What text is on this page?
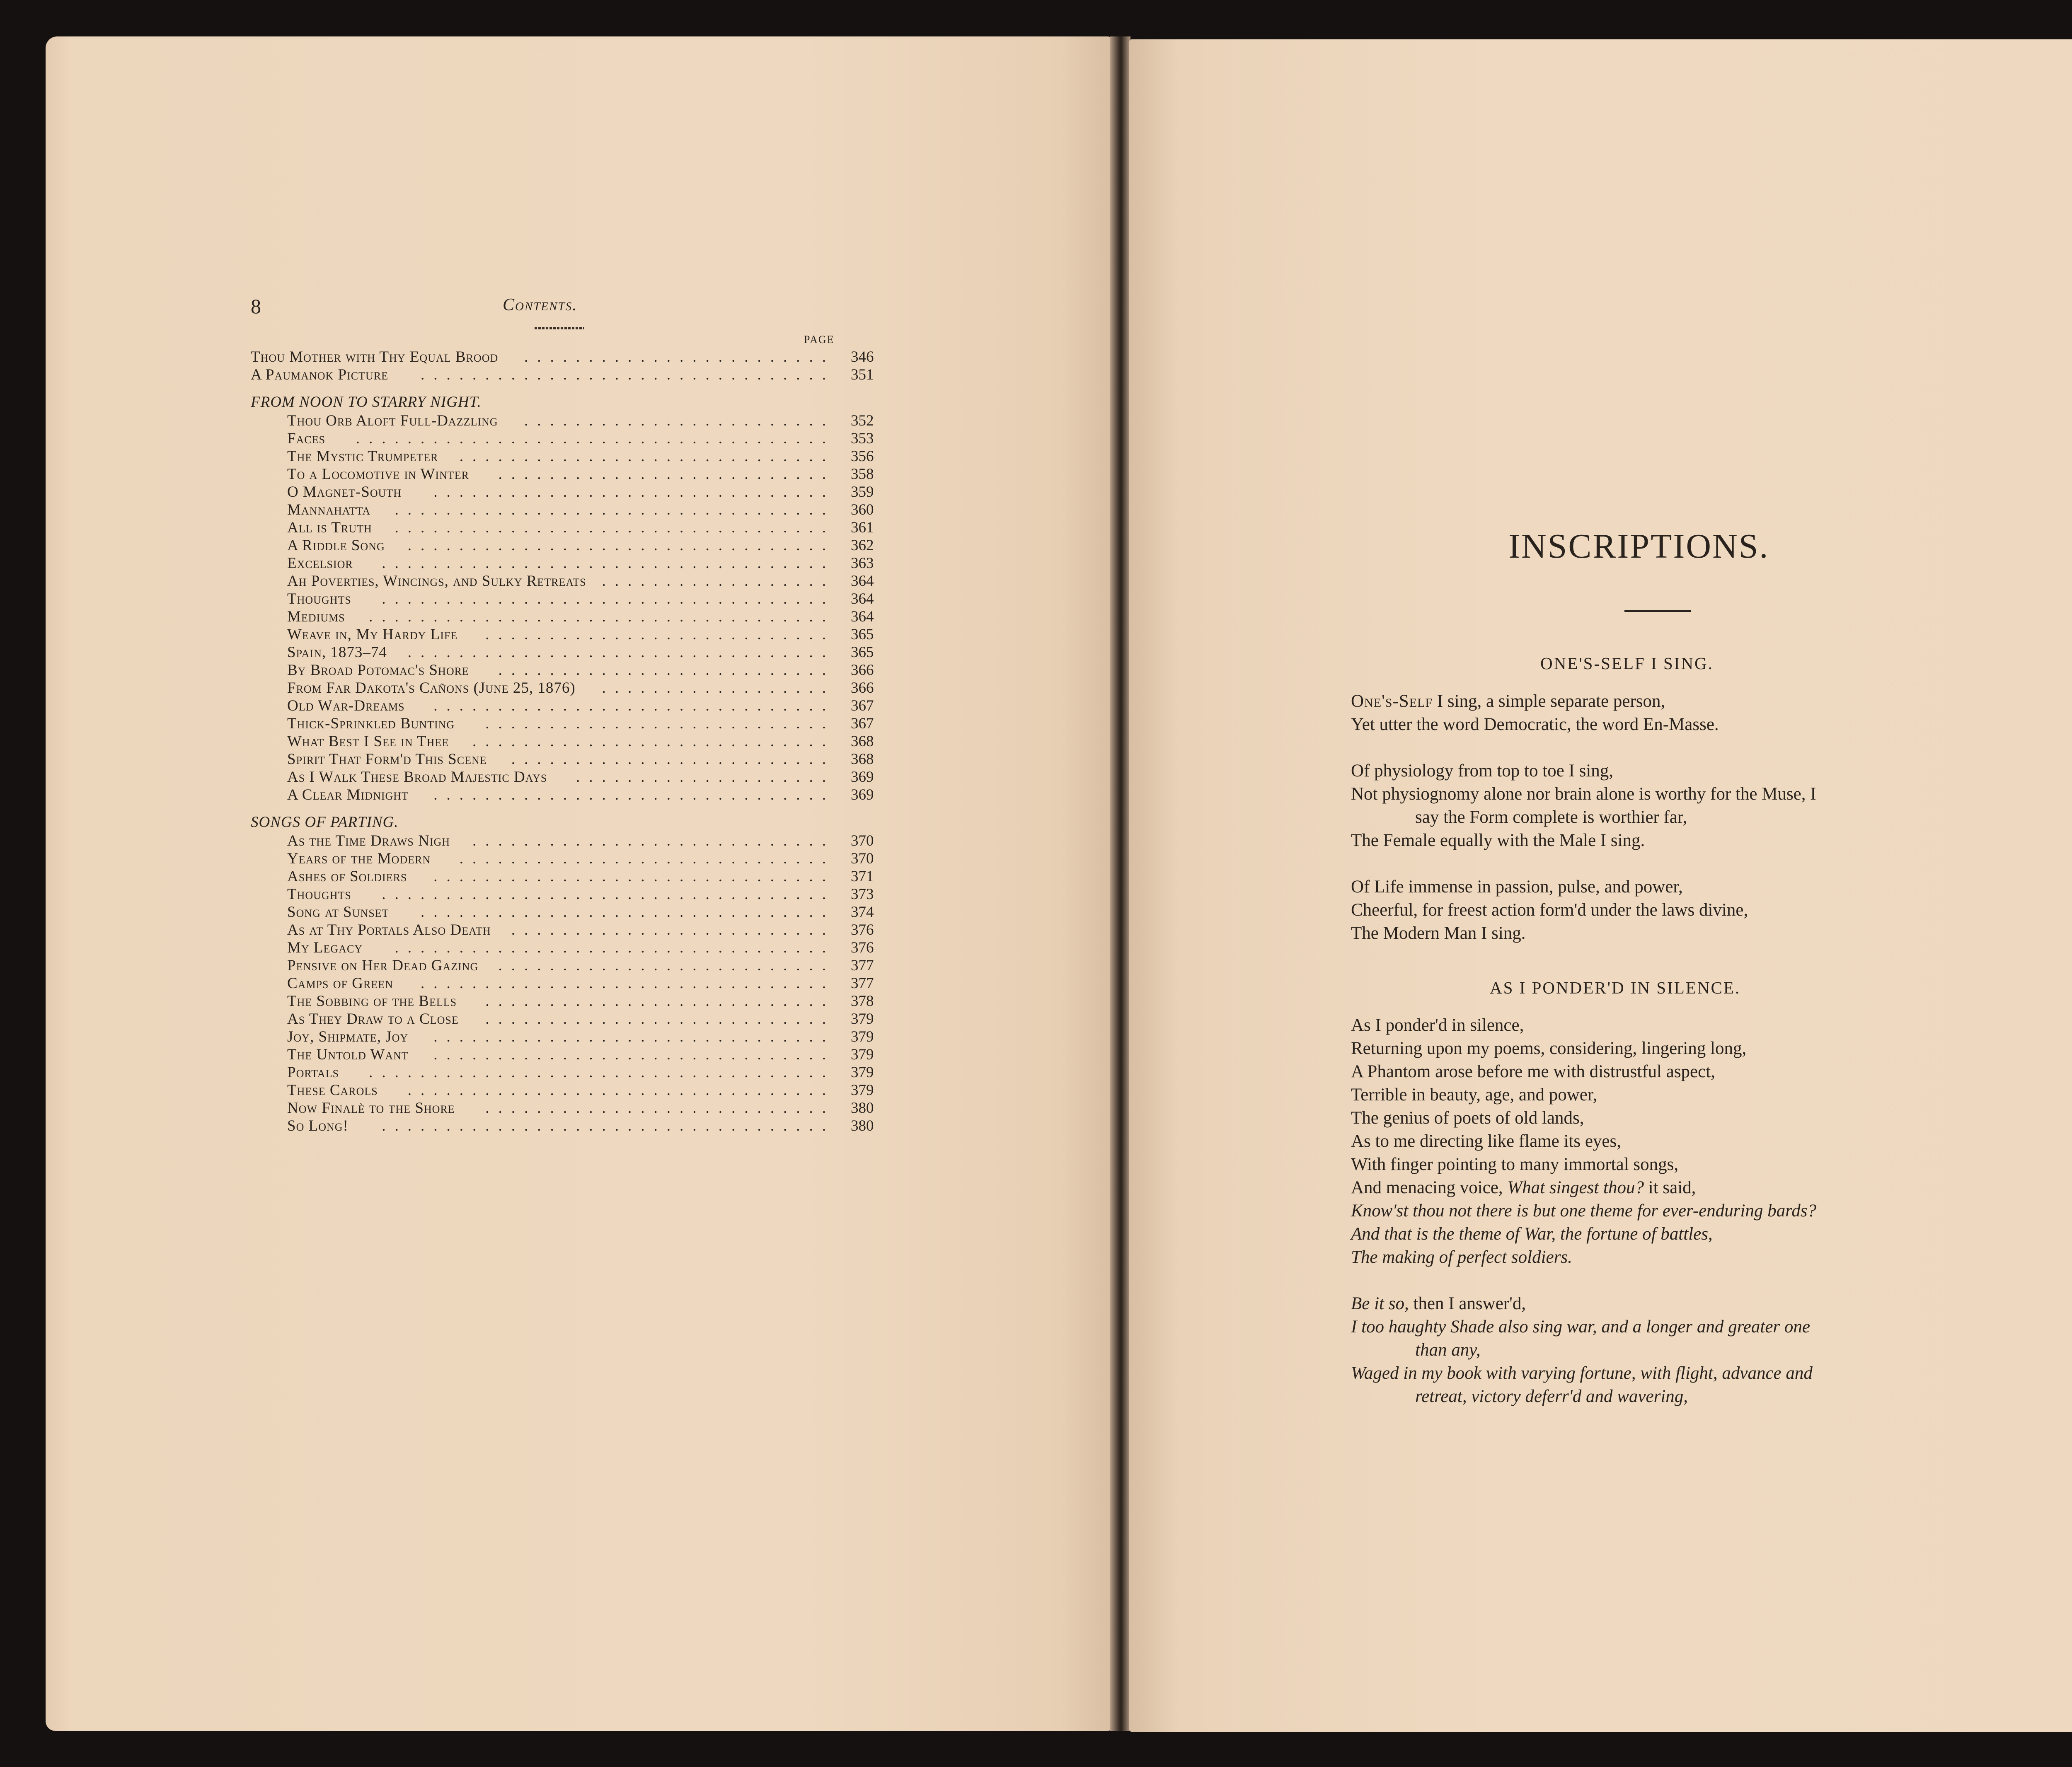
8	Contents.
PAGE
Thou Mother with Thy Equal Brood	........................ 346
A Paumanok Picture	................................ 351
FROM NOON TO STARRY NIGHT.
Thou Orb Aloft Full-Dazzling	........................ 352
Faces	..................................... 353
The Mystic Trumpeter	............................. 356
To a Locomotive in Winter	.......................... 358
O Magnet-South	............................... 359
Mannahatta	.................................. 360
All is Truth	.................................. 361
A Riddle Song	................................. 362
Excelsior	................................... 363
Ah Poverties, Wincings, and Sulky Retreats	.................. 364
Thoughts	................................... 364
Mediums	.................................... 364
Weave in, My Hardy Life	........................... 365
Spain, 1873–74	................................. 365
By Broad Potomac's Shore	.......................... 366
From Far Dakota's Cañons (June 25, 1876)	.................. 366
Old War-Dreams	............................... 367
Thick-Sprinkled Bunting	........................... 367
What Best I See in Thee	............................ 368
Spirit That Form'd This Scene	......................... 368
As I Walk These Broad Majestic Days	.................... 369
A Clear Midnight	............................... 369
SONGS OF PARTING.
As the Time Draws Nigh	............................ 370
Years of the Modern	............................. 370
Ashes of Soldiers	............................... 371
Thoughts	................................... 373
Song at Sunset	................................ 374
As at Thy Portals Also Death	......................... 376
My Legacy	.................................. 376
Pensive on Her Dead Gazing	.......................... 377
Camps of Green	................................ 377
The Sobbing of the Bells	........................... 378
As They Draw to a Close	........................... 379
Joy, Shipmate, Joy	............................... 379
The Untold Want	............................... 379
Portals	.................................... 379
These Carols	................................. 379
Now Finalè to the Shore	........................... 380
So Long!	................................... 380
INSCRIPTIONS.
ONE'S-SELF I SING.
One's-Self I sing, a simple separate person,
Yet utter the word Democratic, the word En-Masse.
Of physiology from top to toe I sing,
Not physiognomy alone nor brain alone is worthy for the Muse, I
say the Form complete is worthier far,
The Female equally with the Male I sing.
Of Life immense in passion, pulse, and power,
Cheerful, for freest action form'd under the laws divine,
The Modern Man I sing.
AS I PONDER'D IN SILENCE.
As I ponder'd in silence,
Returning upon my poems, considering, lingering long,
A Phantom arose before me with distrustful aspect,
Terrible in beauty, age, and power,
The genius of poets of old lands,
As to me directing like flame its eyes,
With finger pointing to many immortal songs,
And menacing voice, What singest thou? it said,
Know'st thou not there is but one theme for ever-enduring bards?
And that is the theme of War, the fortune of battles,
The making of perfect soldiers.
Be it so, then I answer'd,
I too haughty Shade also sing war, and a longer and greater one
than any,
Waged in my book with varying fortune, with flight, advance and
retreat, victory deferr'd and wavering,
